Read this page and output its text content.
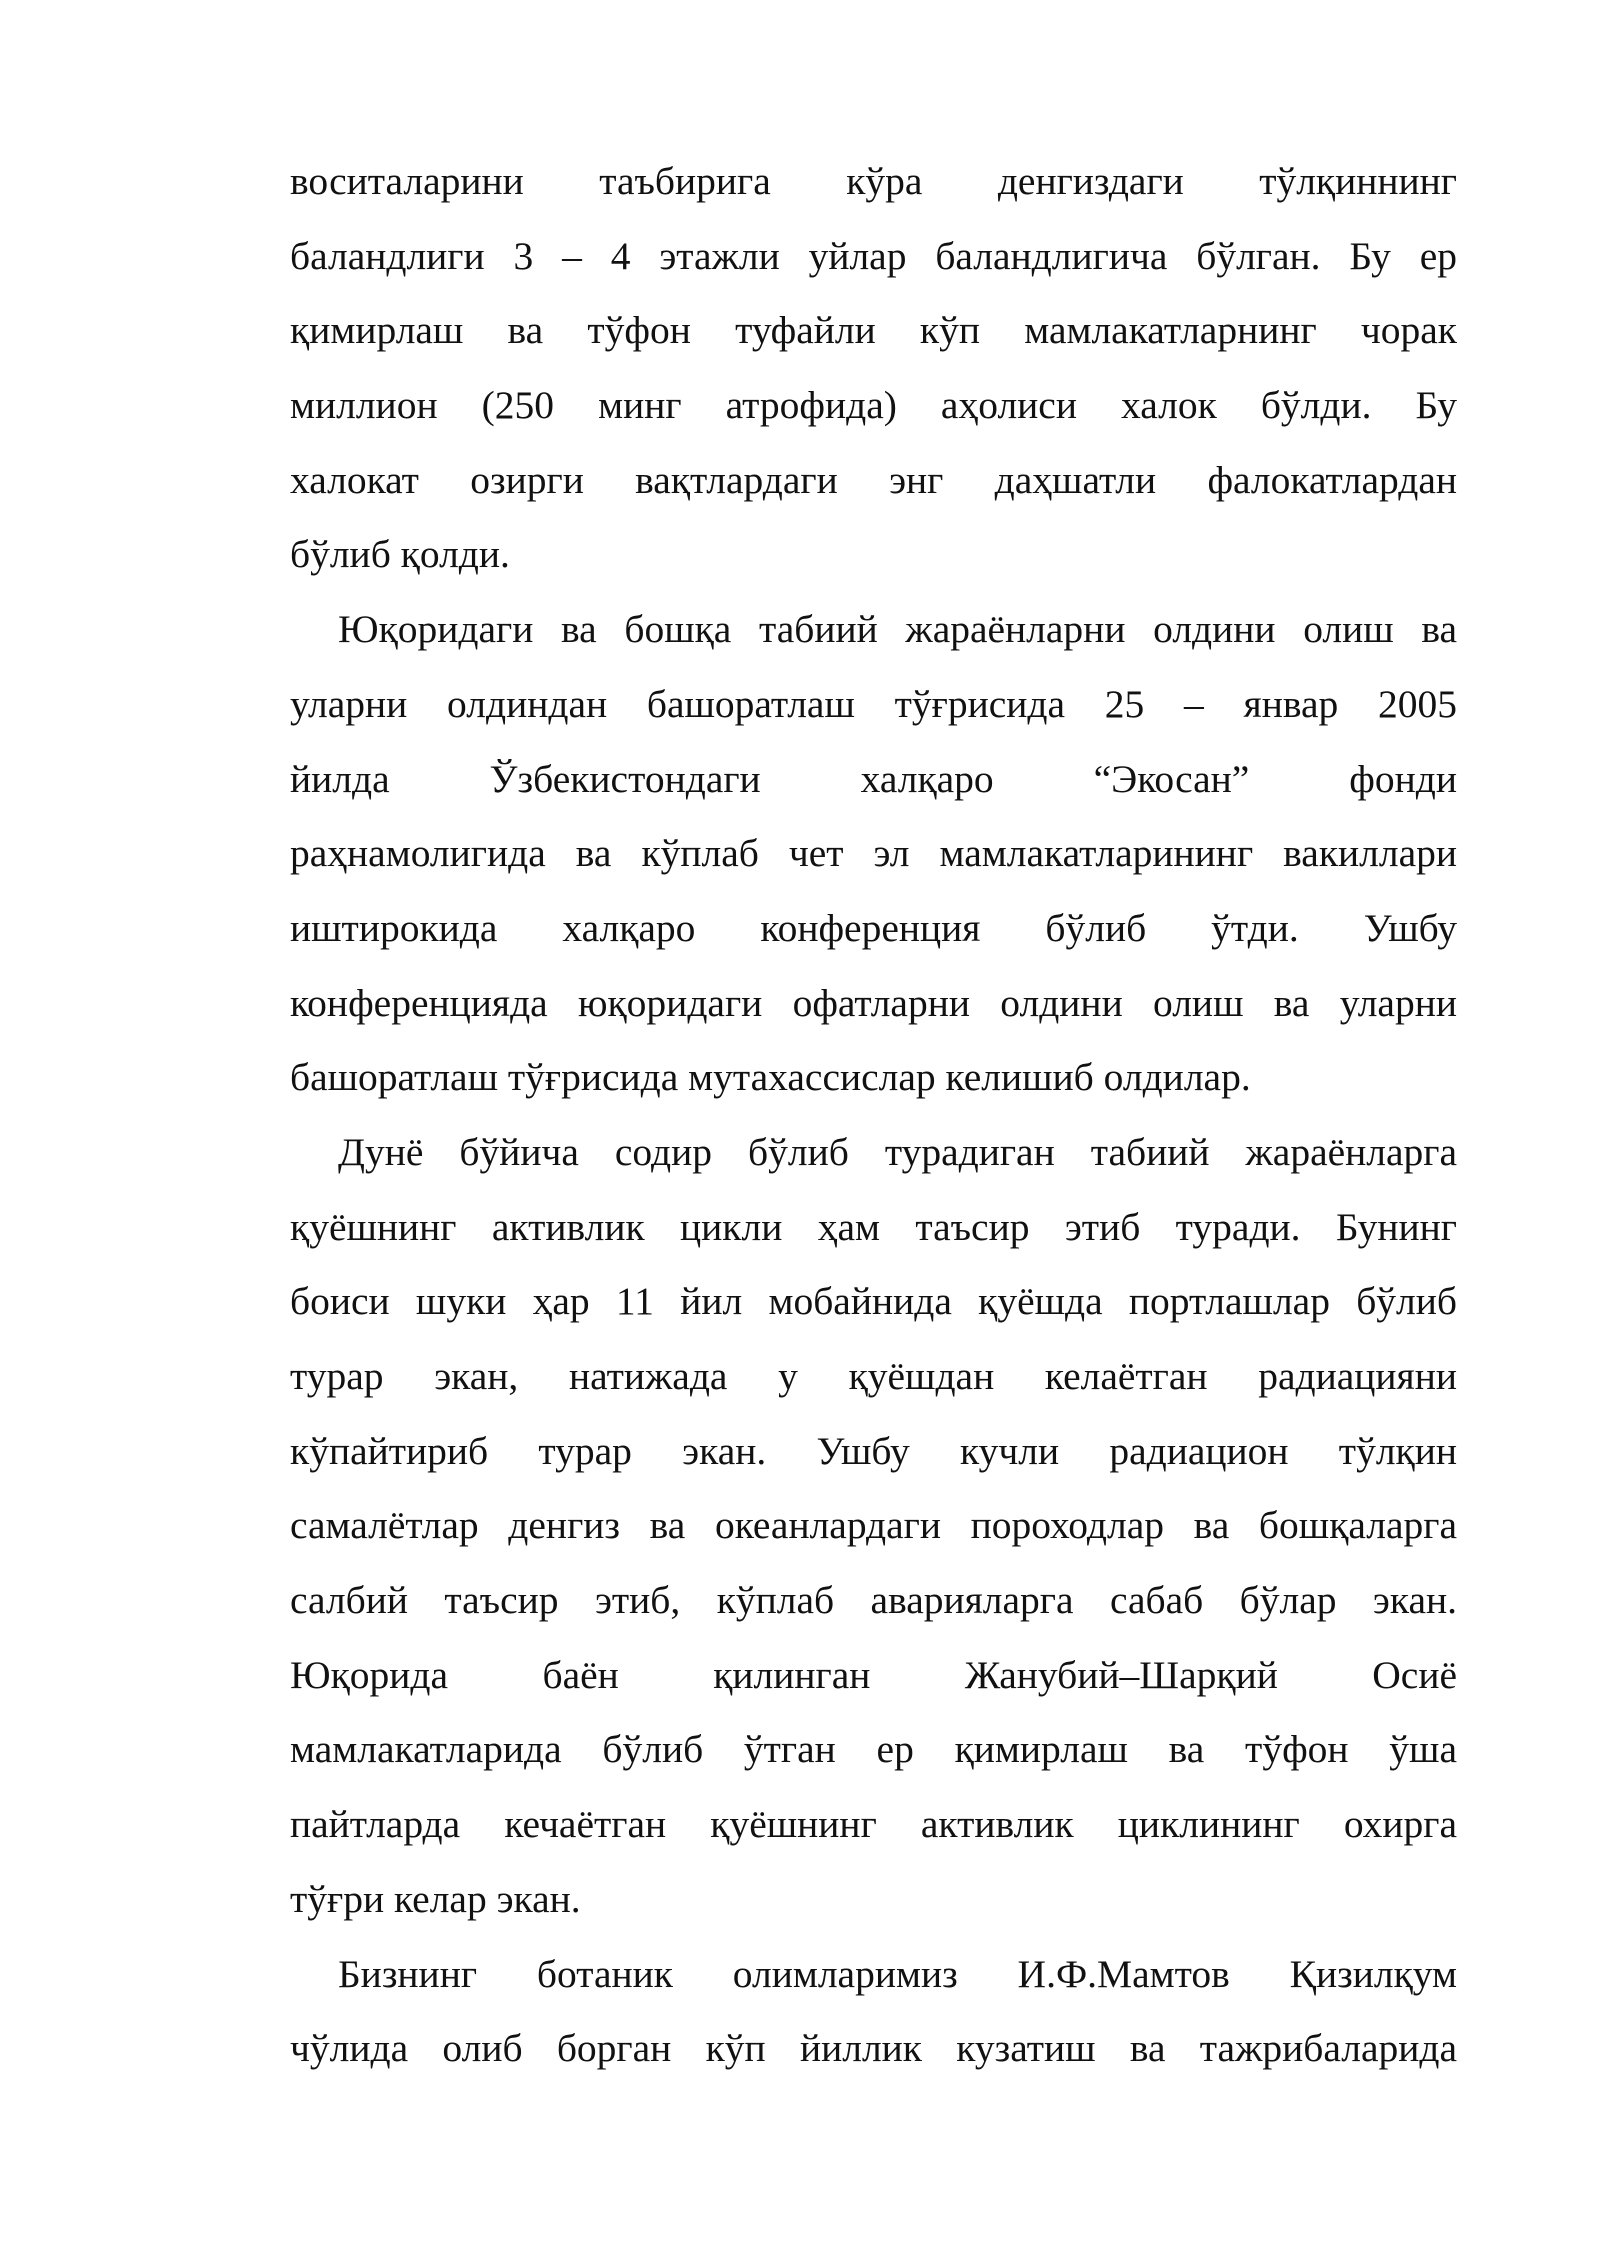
воситаларини таъбирига кўра денгиздаги тўлқиннинг
баландлиги 3 – 4 этажли уйлар баландлигича бўлган. Бу ер
қимирлаш ва тўфон туфайли кўп мамлакатларнинг чорак
миллион (250 минг атрофида) аҳолиси халок бўлди. Бу
халокат озирги вақтлардаги энг даҳшатли фалокатлардан
бўлиб қолди.
Юқоридаги ва бошқа табиий жараёнларни олдини олиш ва
уларни олдиндан башоратлаш тўғрисида 25 – январ 2005
йилда Ўзбекистондаги халқаро “Экосан” фонди
раҳнамолигида ва кўплаб чет эл мамлакатларининг вакиллари
иштирокида халқаро конференция бўлиб ўтди. Ушбу
конференцияда юқоридаги офатларни олдини олиш ва уларни
башоратлаш тўғрисида мутахассислар келишиб олдилар.
Дунё бўйича содир бўлиб турадиган табиий жараёнларга
қуёшнинг активлик цикли ҳам таъсир этиб туради. Бунинг
боиси шуки ҳар 11 йил мобайнида қуёшда портлашлар бўлиб
турар экан, натижада у қуёшдан келаётган радиацияни
кўпайтириб турар экан. Ушбу кучли радиацион тўлқин
самалётлар денгиз ва океанлардаги пороходлар ва бошқаларга
салбий таъсир этиб, кўплаб аварияларга сабаб бўлар экан.
Юқорида баён қилинган Жанубий–Шарқий Осиё
мамлакатларида бўлиб ўтган ер қимирлаш ва тўфон ўша
пайтларда кечаётган қуёшнинг активлик циклининг охирга
тўғри келар экан.
Бизнинг ботаник олимларимиз И.Ф.Мамтов Қизилқум
чўлида олиб борган кўп йиллик кузатиш ва тажрибаларида
